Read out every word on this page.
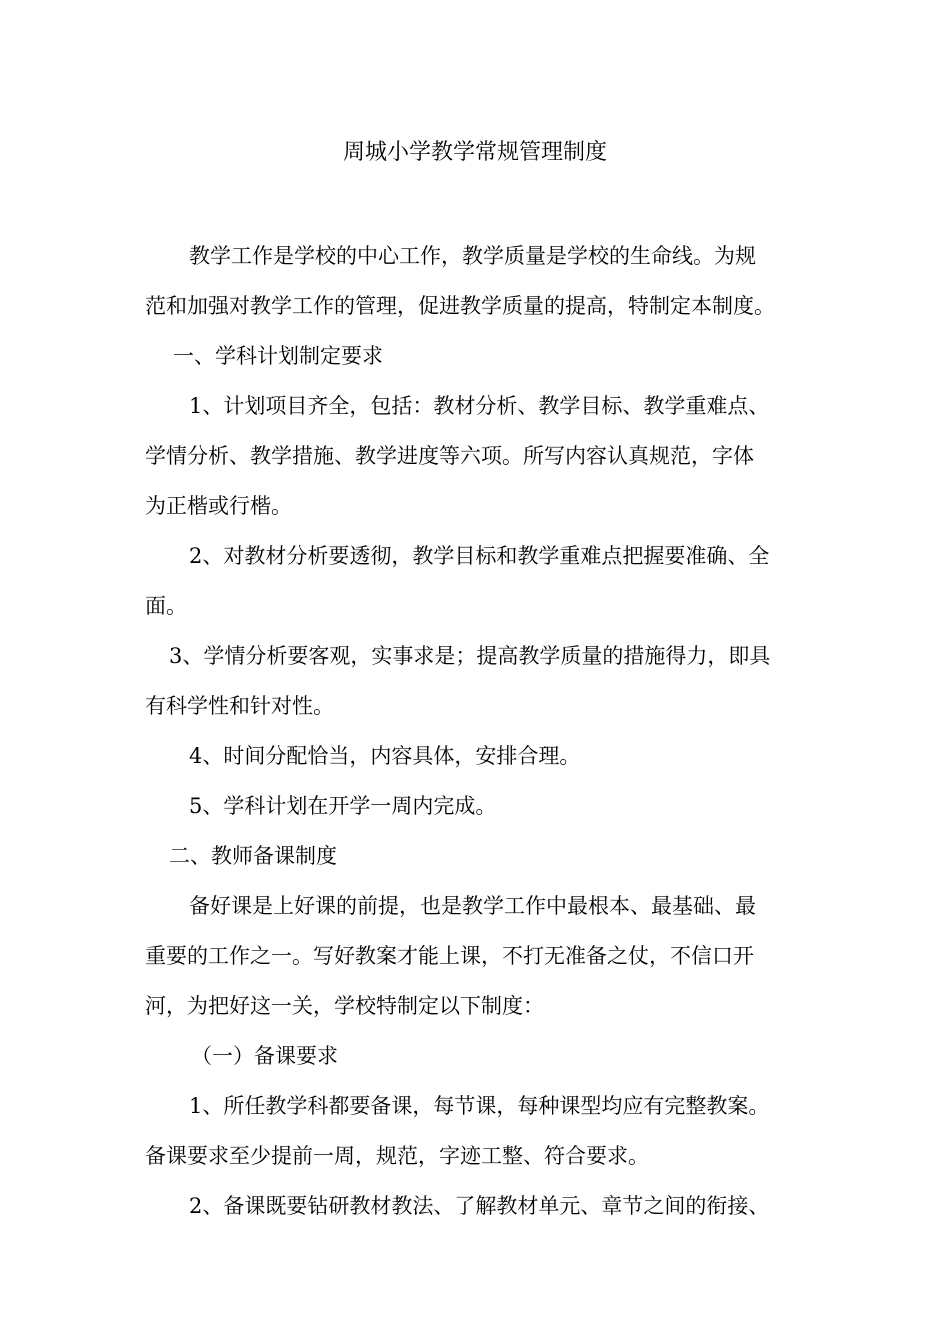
周城小学教学常规管理制度

教学工作是学校的中心工作，教学质量是学校的生命线。为规

范和加强对教学工作的管理，促进教学质量的提高，特制定本制度。

一、学科计划制定要求

1、计划项目齐全，包括：教材分析、教学目标、教学重难点、

学情分析、教学措施、教学进度等六项。所写内容认真规范，字体

为正楷或行楷。

2、对教材分析要透彻，教学目标和教学重难点把握要准确、全

面。

3、学情分析要客观，实事求是；提高教学质量的措施得力，即具

有科学性和针对性。

4、时间分配恰当，内容具体，安排合理。

5、学科计划在开学一周内完成。

二、教师备课制度

备好课是上好课的前提，也是教学工作中最根本、最基础、最

重要的工作之一。写好教案才能上课，不打无准备之仗，不信口开

河，为把好这一关，学校特制定以下制度：

（一）备课要求

1、所任教学科都要备课，每节课，每种课型均应有完整教案。

备课要求至少提前一周，规范，字迹工整、符合要求。

2、备课既要钻研教材教法、了解教材单元、章节之间的衔接、
